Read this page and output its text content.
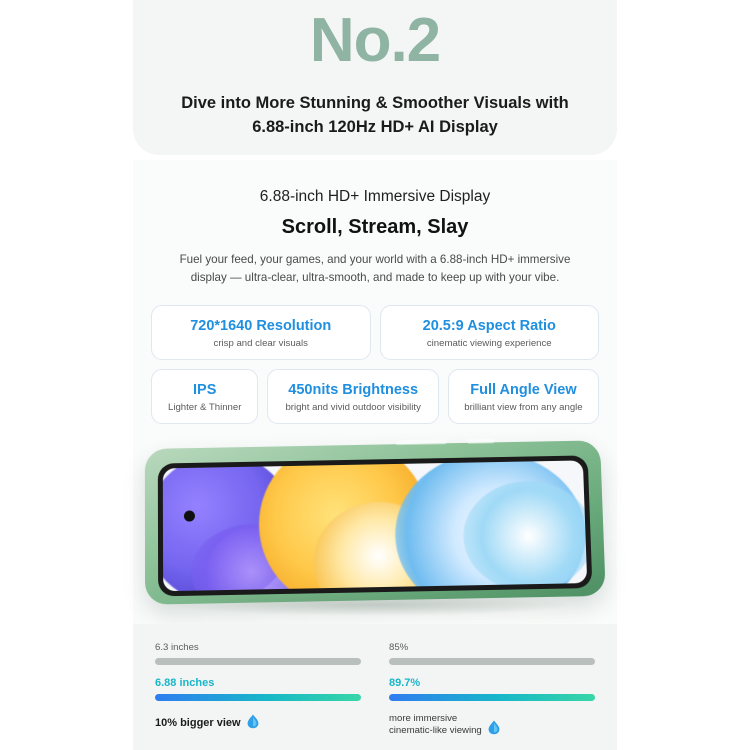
No.2
Dive into More Stunning & Smoother Visuals with
6.88-inch 120Hz HD+ AI Display
6.88-inch HD+ Immersive Display
Scroll, Stream, Slay
Fuel your feed, your games, and your world with a 6.88-inch HD+ immersive display — ultra-clear, ultra-smooth, and made to keep up with your vibe.
720*1640 Resolution
crisp and clear visuals
20.5:9 Aspect Ratio
cinematic viewing experience
IPS
Lighter & Thinner
450nits Brightness
bright and vivid outdoor visibility
Full Angle View
brilliant view from any angle
6.3 inches
6.88 inches
10% bigger view
85%
89.7%
more immersive
cinematic-like viewing
